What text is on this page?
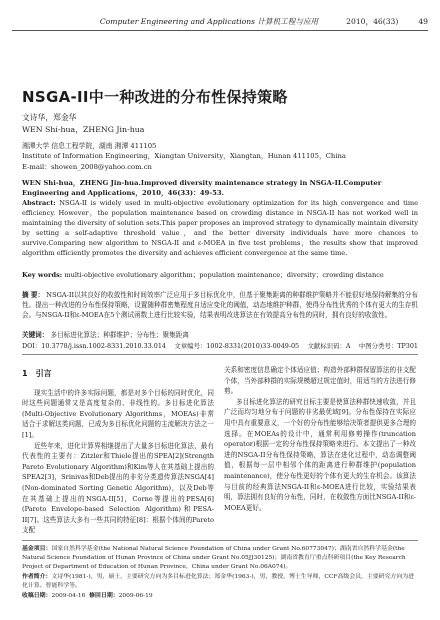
Computer Engineering and Applications 计算机工程与应用	2010，46(33)	49
NSGA-II中一种改进的分布性保持策略
文诗华，郑金华
WEN Shi-hua，ZHENG Jin-hua
湘潭大学 信息工程学院，湖南 湘潭 411105
Institute of Information Engineering，Xiangtan University，Xiangtan，Hunan 411105，China
E-mail：showen_2008@yahoo.com.cn
WEN Shi-hua，ZHENG Jin-hua.Improved diversity maintenance strategy in NSGA-II.Computer Engineering and Applications，2010，46(33)：49-53.
Abstract: NSGA-II is widely used in multi-objective evolutionary optimization for its high convergence and time efficiency. However，the population maintenance based on crowding distance in NSGA-II has not worked well in maintaining the diversity of solution sets.This paper proposes an improved strategy to dynamically maintain diversity by setting a self-adaptive threshold value，and the better diversity individuals have more chances to survive.Comparing new algorithm to NSGA-II and ε-MOEA in five test problems，the results show that improved algorithm efficiently promotes the diversity and achieves efficient convergence at the same time.
Key words: multi-objective evolutionary algorithm；population maintenance；diversity；crowding distance
摘 要： NSGA-II以其良好的收敛性和时间效率广泛应用于多目标优化中，但基于聚集距离的种群维护策略并不能很好地保持解集的分布性。提出一种改进的分布性保持策略，设置随种群密集程度自适应变化的阈值，动态地维护种群，使得分布性优秀的个体有更大的生存机会。与NSGA-II和ε-MOEA在5个测试函数上进行比较实验，结果表明改进算法在有效提高分布性的同时，拥有良好的收敛性。
关键词： 多目标进化算法；种群维护；分布性；聚集距离
DOI：10.3778/j.issn.1002-8331.2010.33.014 文章编号：1002-8331(2010)33-0049-05 文献标识码：A 中图分类号：TP301
1　引言

现实生活中的许多实际问题，都是对多个目标的同时优化，同时这些问题通常又是高度复杂的、非线性的。多目标进化算法(Multi-Objective Evolutionary Algorithms，MOEAs)非常适合于求解这类问题，已成为多目标优化问题的主流解决方法之一[1]。

近些年来，进化计算界相继提出了大量多目标进化算法，最有代表性的主要有：Zitzler和Thiele提出的SPEA[2](Strength Pareto Evolutionary Algorithm)和Kim等人在其基础上提出的SPEA2[3]，Srinivas和Deb提出的非劣分类遗传算法NSGA[4](Non-dominated Sorting Genetic Algorithm)，以及Deb等在其基础上提出的NSGA-II[5]，Corne等提出的PESA[6](Pareto Envelope-based Selection Algorithm)和PESA-II[7]。这些算法大多有一些共同的特征[8]：根据个体间的Pareto支配

关系和密度信息确定个体适应值；构造外部种群保留算法的非支配个体，当外部种群的实际规模超过规定值时，用适当的方法进行修剪。

多目标进化算法的研究目标主要是使算法种群快速收敛，并且广泛而均匀地分布于问题的非劣最优域[9]。分布性保持在实际应用中具有重要意义，一个好的分布性能够给决策者提供更多合理的选择。在MOEAs的设计中，通常利用修剪操作(truncation operator)根据一定的分布性保持策略来进行。本文提出了一种改进的NSGA-II分布性保持策略，算法在进化过程中，动态调整阈值，根据每一层中相邻个体的距离进行种群维护(population maintenance)，使分布性更好的个体有更大的生存机会。该算法与目前的经典算法NSGA-II和ε-MOEA进行比较，实验结果表明，算法拥有良好的分布性，同时，在收敛性方面比NSGA-II和ε-MOEA更好。

基金项目：国家自然科学基金(the National Natural Science Foundation of China under Grant No.60773047)；湖南省自然科学基金(the Natural Science Foundation of Hunan Province of China under Grant No.05JJ30125)；湖南省教育厅重点科研项目(the Key Research Project of Department of Education of Hunan Province，China under Grant No.06A074)。
作者简介：文诗华(1981-)，男，硕士，主要研究方向为多目标进化算法；郑金华(1963-)，男，教授，博士生导师，CCF高级会员，主要研究方向为进化计算、智能科学等。
收稿日期：2009-04-16 修回日期：2009-06-19
